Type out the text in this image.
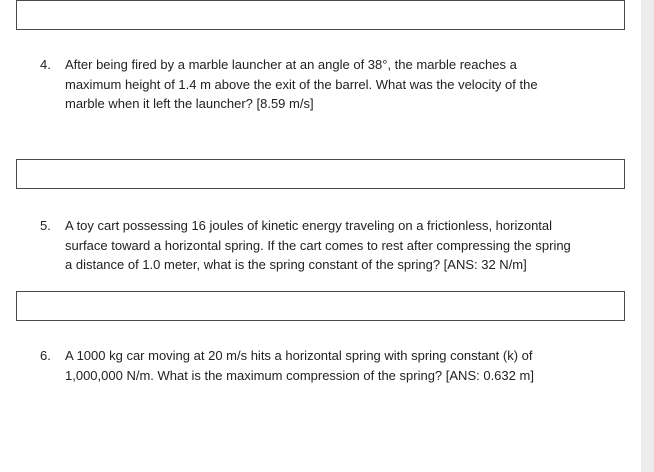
4. After being fired by a marble launcher at an angle of 38°, the marble reaches a
maximum height of 1.4 m above the exit of the barrel. What was the velocity of the
marble when it left the launcher? [8.59 m/s]
5. A toy cart possessing 16 joules of kinetic energy traveling on a frictionless, horizontal
surface toward a horizontal spring. If the cart comes to rest after compressing the spring
a distance of 1.0 meter, what is the spring constant of the spring? [ANS: 32 N/m]
6. A 1000 kg car moving at 20 m/s hits a horizontal spring with spring constant (k) of
1,000,000 N/m. What is the maximum compression of the spring? [ANS: 0.632 m]
